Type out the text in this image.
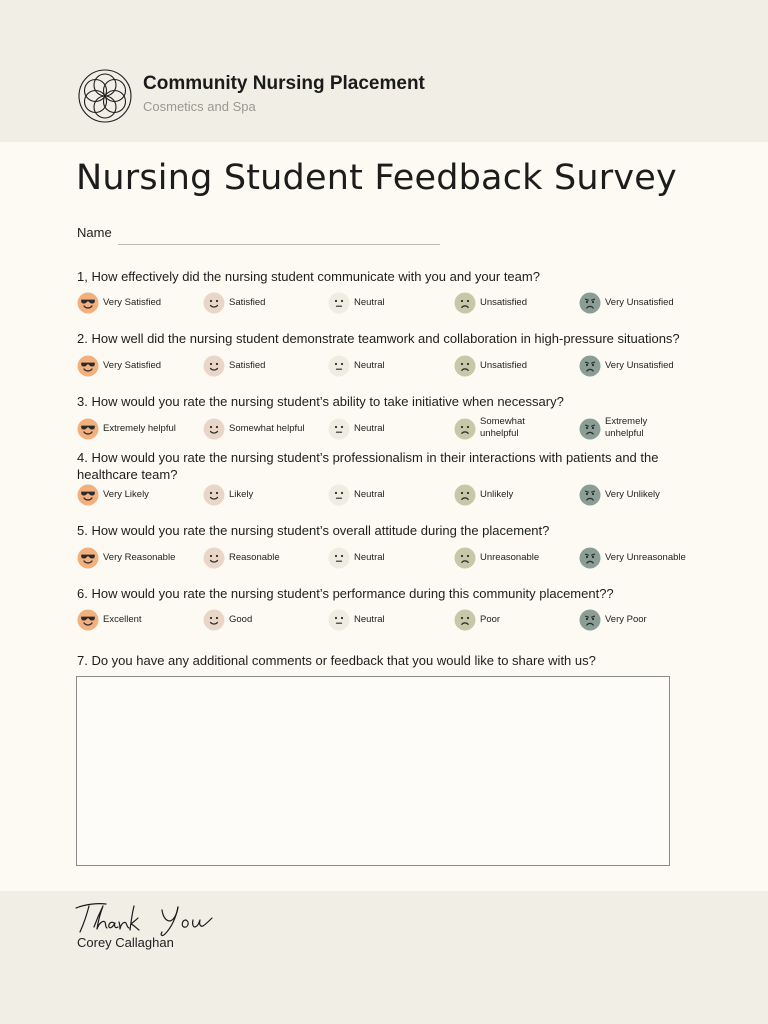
Community Nursing Placement
Cosmetics and Spa
Nursing Student Feedback Survey
Name
1, How effectively did the nursing student communicate with you and your team?
Very Satisfied	Satisfied	Neutral	Unsatisfied	Very Unsatisfied
2. How well did the nursing student demonstrate teamwork and collaboration in high-pressure situations?
Very Satisfied	Satisfied	Neutral	Unsatisfied	Very Unsatisfied
3. How would you rate the nursing student’s ability to take initiative when necessary?
Extremely helpful	Somewhat helpful	Neutral
Somewhat unhelpful
Extremely unhelpful
4. How would you rate the nursing student’s professionalism in their interactions with patients and the healthcare team?
Very Likely	Likely	Neutral	Unlikely	Very Unlikely
5. How would you rate the nursing student’s overall attitude during the placement?
Very Reasonable	Reasonable	Neutral	Unreasonable	Very Unreasonable
6. How would you rate the nursing student’s performance during this community placement??
Excellent	Good	Neutral	Poor	Very Poor
7. Do you have any additional comments or feedback that you would like to share with us?
Corey Callaghan
